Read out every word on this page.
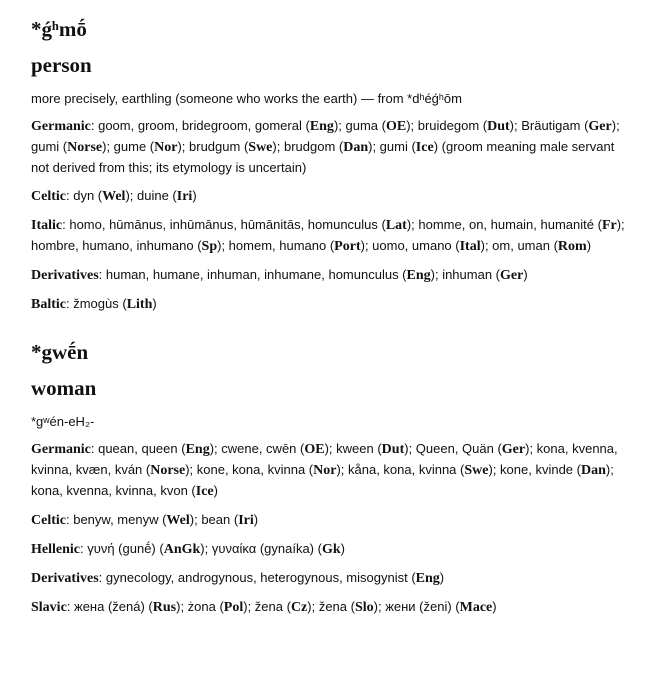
*ǵʰmṓ
person

more precisely, earthling (someone who works the earth) — from *dʰéǵʰōm

Germanic: goom, groom, bridegroom, gomeral (Eng); guma (OE); bruidegom (Dut); Bräutigam (Ger); gumi (Norse); gume (Nor); brudgum (Swe); brudgom (Dan); gumi (Ice) (groom meaning male servant not derived from this; its etymology is uncertain)

Celtic: dyn (Wel); duine (Iri)

Italic: homo, hūmānus, inhūmānus, hūmānitās, homunculus (Lat); homme, on, humain, humanité (Fr); hombre, humano, inhumano (Sp); homem, humano (Port); uomo, umano (Ital); om, uman (Rom)

Derivatives: human, humane, inhuman, inhumane, homunculus (Eng); inhuman (Ger)

Baltic: žmogùs (Lith)

*gwḗn
woman

*gʷén-eH₂-

Germanic: quean, queen (Eng); cwene, cwēn (OE); kween (Dut); Queen, Quän (Ger); kona, kvenna, kvinna, kvæn, kván (Norse); kone, kona, kvinna (Nor); kåna, kona, kvinna (Swe); kone, kvinde (Dan); kona, kvenna, kvinna, kvon (Ice)

Celtic: benyw, menyw (Wel); bean (Iri)

Hellenic: γυνή (gunḗ) (AnGk); γυναίκα (gynaíka) (Gk)

Derivatives: gynecology, androgynous, heterogynous, misogynist (Eng)

Slavic: жена (žená) (Rus); żona (Pol); žena (Cz); žena (Slo); жени (ženi) (Mace)
